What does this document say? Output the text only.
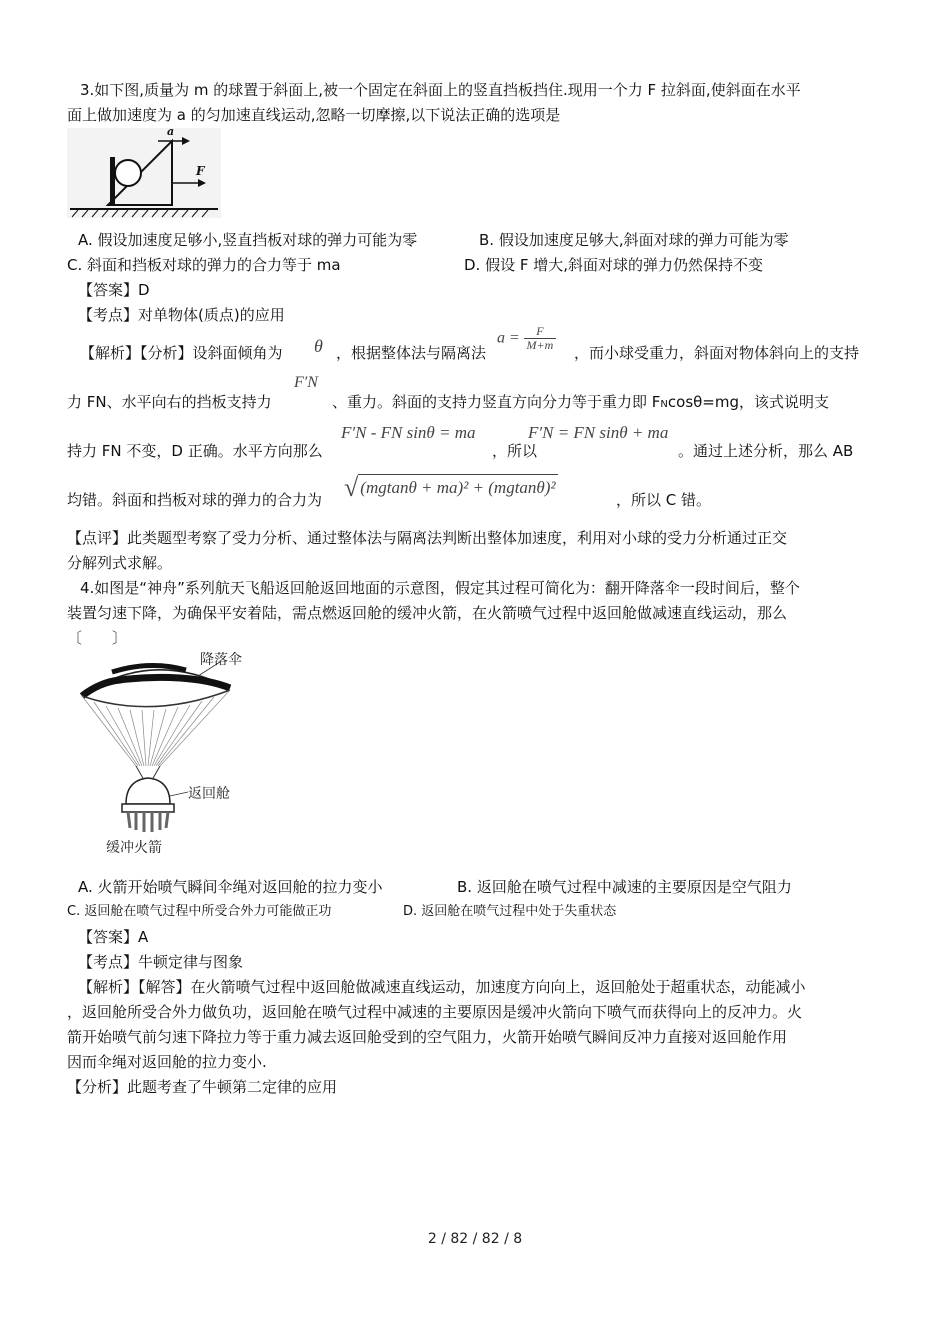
3.如下图,质量为 m 的球置于斜面上,被一个固定在斜面上的竖直挡板挡住.现用一个力 F 拉斜面,使斜面在水平
面上做加速度为 a 的匀加速直线运动,忽略一切摩擦,以下说法正确的选项是
a
F
A. 假设加速度足够小,竖直挡板对球的弹力可能为零	B. 假设加速度足够大,斜面对球的弹力可能为零
C. 斜面和挡板对球的弹力的合力等于 ma	D. 假设 F 增大,斜面对球的弹力仍然保持不变
【答案】D
【考点】对单物体(质点)的应用
【解析】【分析】设斜面倾角为 θ ，根据整体法与隔离法
$a = \frac{F}{M+m}$
，而小球受重力，斜面对物体斜向上的支持
力 FN、水平向右的挡板支持力
F′N
、重力。斜面的支持力竖直方向分力等于重力即 FNcosθ=mg，该式说明支
持力 FN 不变，D 正确。水平方向那么
F′N - FN sinθ = ma
，所以
F′N = FN sinθ + ma
。通过上述分析，那么 AB
均错。斜面和挡板对球的弹力的合力为 √ (mgtanθ + ma)² + (mgtanθ)²
，所以 C 错。
【点评】此类题型考察了受力分析、通过整体法与隔离法判断出整体加速度，利用对小球的受力分析通过正交
分解列式求解。
4.如图是“神舟”系列航天飞船返回舱返回地面的示意图，假定其过程可简化为：翻开降落伞一段时间后，整个
装置匀速下降，为确保平安着陆，需点燃返回舱的缓冲火箭，在火箭喷气过程中返回舱做减速直线运动，那么
〔　　〕
降落伞
返回舱
缓冲火箭
A. 火箭开始喷气瞬间伞绳对返回舱的拉力变小	B. 返回舱在喷气过程中减速的主要原因是空气阻力
C. 返回舱在喷气过程中所受合外力可能做正功	D. 返回舱在喷气过程中处于失重状态
【答案】A
【考点】牛顿定律与图象
【解析】【解答】在火箭喷气过程中返回舱做减速直线运动，加速度方向向上，返回舱处于超重状态，动能减小
，返回舱所受合外力做负功，返回舱在喷气过程中减速的主要原因是缓冲火箭向下喷气而获得向上的反冲力。火
箭开始喷气前匀速下降拉力等于重力减去返回舱受到的空气阻力，火箭开始喷气瞬间反冲力直接对返回舱作用
因而伞绳对返回舱的拉力变小.
【分析】此题考查了牛顿第二定律的应用
2 / 82 / 82 / 8
